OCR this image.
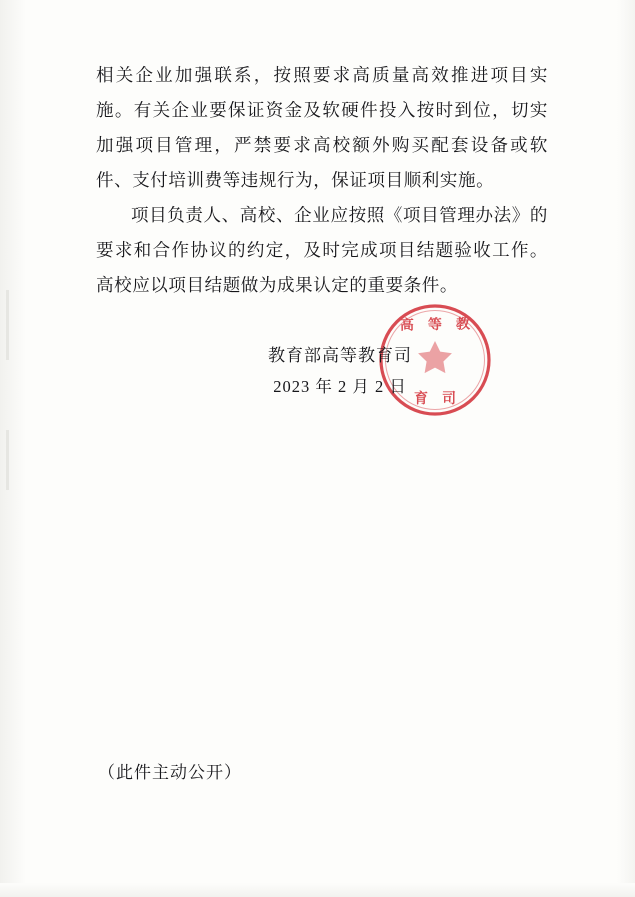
相关企业加强联系，按照要求高质量高效推进项目实施。有关企业要保证资金及软硬件投入按时到位，切实加强项目管理，严禁要求高校额外购买配套设备或软件、支付培训费等违规行为，保证项目顺利实施。

项目负责人、高校、企业应按照《项目管理办法》的要求和合作协议的约定，及时完成项目结题验收工作。高校应以项目结题做为成果认定的重要条件。

高　等　教
育　司
教育部高等教育司
2023 年 2 月 2 日
（此件主动公开）
